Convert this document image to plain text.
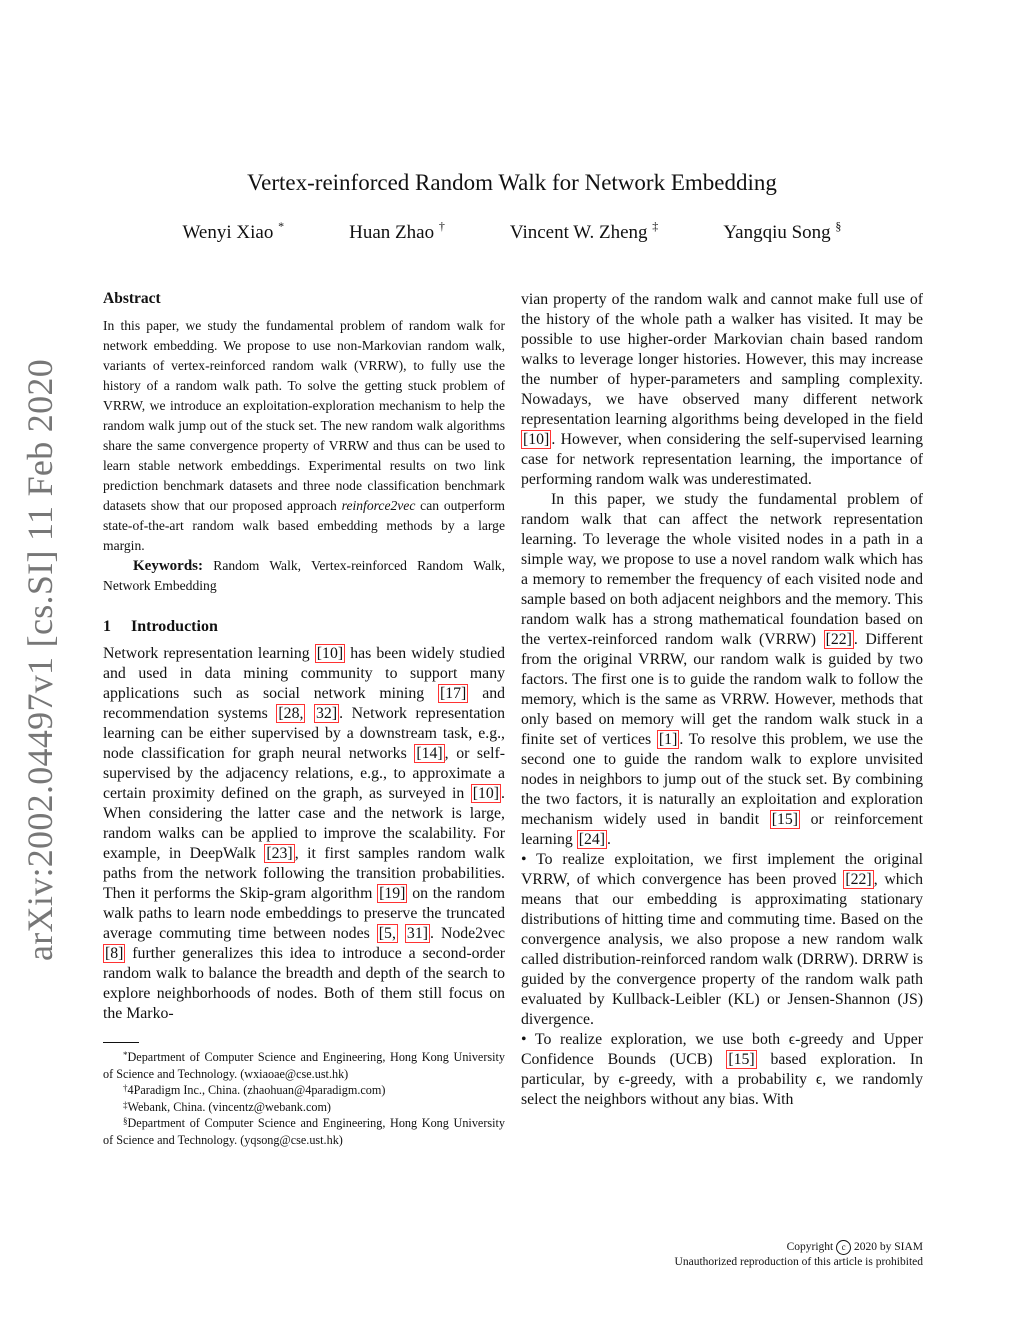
arXiv:2002.04497v1 [cs.SI] 11 Feb 2020
Vertex-reinforced Random Walk for Network Embedding
Wenyi Xiao *	Huan Zhao †	Vincent W. Zheng ‡	Yangqiu Song §
Abstract

In this paper, we study the fundamental problem of random walk for network embedding. We propose to use non-Markovian random walk, variants of vertex-reinforced random walk (VRRW), to fully use the history of a random walk path. To solve the getting stuck problem of VRRW, we introduce an exploitation-exploration mechanism to help the random walk jump out of the stuck set. The new random walk algorithms share the same convergence property of VRRW and thus can be used to learn stable network embeddings. Experimental results on two link prediction benchmark datasets and three node classification benchmark datasets show that our proposed approach reinforce2vec can outperform state-of-the-art random walk based embedding methods by a large margin.

Keywords: Random Walk, Vertex-reinforced Random Walk, Network Embedding

1 Introduction

Network representation learning [10] has been widely studied and used in data mining community to support many applications such as social network mining [17] and recommendation systems [28, 32] . Network representation learning can be either supervised by a downstream task, e.g., node classification for graph neural networks [14] , or self-supervised by the adjacency relations, e.g., to approximate a certain proximity defined on the graph, as surveyed in [10] . When considering the latter case and the network is large, random walks can be applied to improve the scalability. For example, in DeepWalk [23] , it first samples random walk paths from the network following the transition probabilities. Then it performs the Skip-gram algorithm [19] on the random walk paths to learn node embeddings to preserve the truncated average commuting time between nodes [5, 31] . Node2vec [8] further generalizes this idea to introduce a second-order random walk to balance the breadth and depth of the search to explore neighborhoods of nodes. Both of them still focus on the Marko-

*Department of Computer Science and Engineering, Hong Kong University of Science and Technology. (wxiaoae@cse.ust.hk)

†4Paradigm Inc., China. (zhaohuan@4paradigm.com)

‡Webank, China. (vincentz@webank.com)

§Department of Computer Science and Engineering, Hong Kong University of Science and Technology. (yqsong@cse.ust.hk)

vian property of the random walk and cannot make full use of the history of the whole path a walker has visited. It may be possible to use higher-order Markovian chain based random walks to leverage longer histories. However, this may increase the number of hyper-parameters and sampling complexity. Nowadays, we have observed many different network representation learning algorithms being developed in the field [10] . However, when considering the self-supervised learning case for network representation learning, the importance of performing random walk was underestimated.

In this paper, we study the fundamental problem of random walk that can affect the network representation learning. To leverage the whole visited nodes in a path in a simple way, we propose to use a novel random walk which has a memory to remember the frequency of each visited node and sample based on both adjacent neighbors and the memory. This random walk has a strong mathematical foundation based on the vertex-reinforced random walk (VRRW) [22] . Different from the original VRRW, our random walk is guided by two factors. The first one is to guide the random walk to follow the memory, which is the same as VRRW. However, methods that only based on memory will get the random walk stuck in a finite set of vertices [1] . To resolve this problem, we use the second one to guide the random walk to explore unvisited nodes in neighbors to jump out of the stuck set. By combining the two factors, it is naturally an exploitation and exploration mechanism widely used in bandit [15] or reinforcement learning [24] .

• To realize exploitation, we first implement the original VRRW, of which convergence has been proved [22] , which means that our embedding is approximating stationary distributions of hitting time and commuting time. Based on the convergence analysis, we also propose a new random walk called distribution-reinforced random walk (DRRW). DRRW is guided by the convergence property of the random walk path evaluated by Kullback-Leibler (KL) or Jensen-Shannon (JS) divergence.

• To realize exploration, we use both ϵ-greedy and Upper Confidence Bounds (UCB) [15] based exploration. In particular, by ϵ-greedy, with a probability ϵ, we randomly select the neighbors without any bias. With

Copyright c 2020 by SIAM
Unauthorized reproduction of this article is prohibited
